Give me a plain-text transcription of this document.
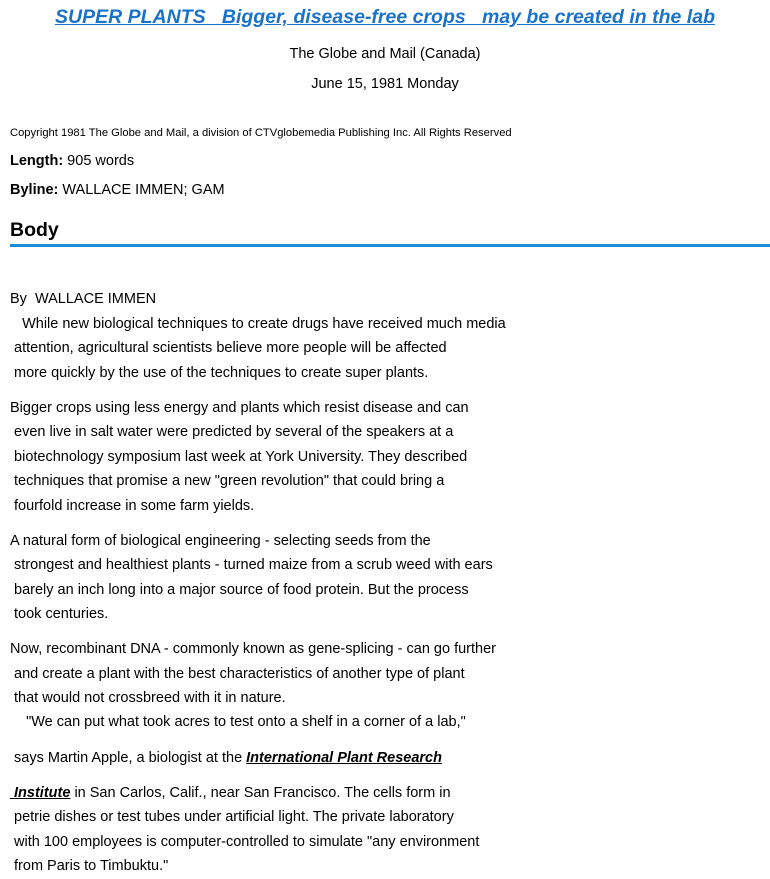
SUPER PLANTS   Bigger, disease-free crops   may be created in the lab
The Globe and Mail (Canada)
June 15, 1981 Monday
Copyright 1981 The Globe and Mail, a division of CTVglobemedia Publishing Inc. All Rights Reserved
Length: 905 words
Byline: WALLACE IMMEN; GAM
Body
By  WALLACE IMMEN
While new biological techniques to create drugs have received much media
attention, agricultural scientists believe more people will be affected
more quickly by the use of the techniques to create super plants.
Bigger crops using less energy and plants which resist disease and can
even live in salt water were predicted by several of the speakers at a
biotechnology symposium last week at York University. They described
techniques that promise a new "green revolution" that could bring a
fourfold increase in some farm yields.
A natural form of biological engineering - selecting seeds from the
strongest and healthiest plants - turned maize from a scrub weed with ears
barely an inch long into a major source of food protein. But the process
took centuries.
Now, recombinant DNA - commonly known as gene-splicing - can go further
and create a plant with the best characteristics of another type of plant
that would not crossbreed with it in nature.
"We can put what took acres to test onto a shelf in a corner of a lab,"
says Martin Apple, a biologist at the International Plant Research
Institute in San Carlos, Calif., near San Francisco. The cells form in
petrie dishes or test tubes under artificial light. The private laboratory
with 100 employees is computer-controlled to simulate "any environment
from Paris to Timbuktu."
